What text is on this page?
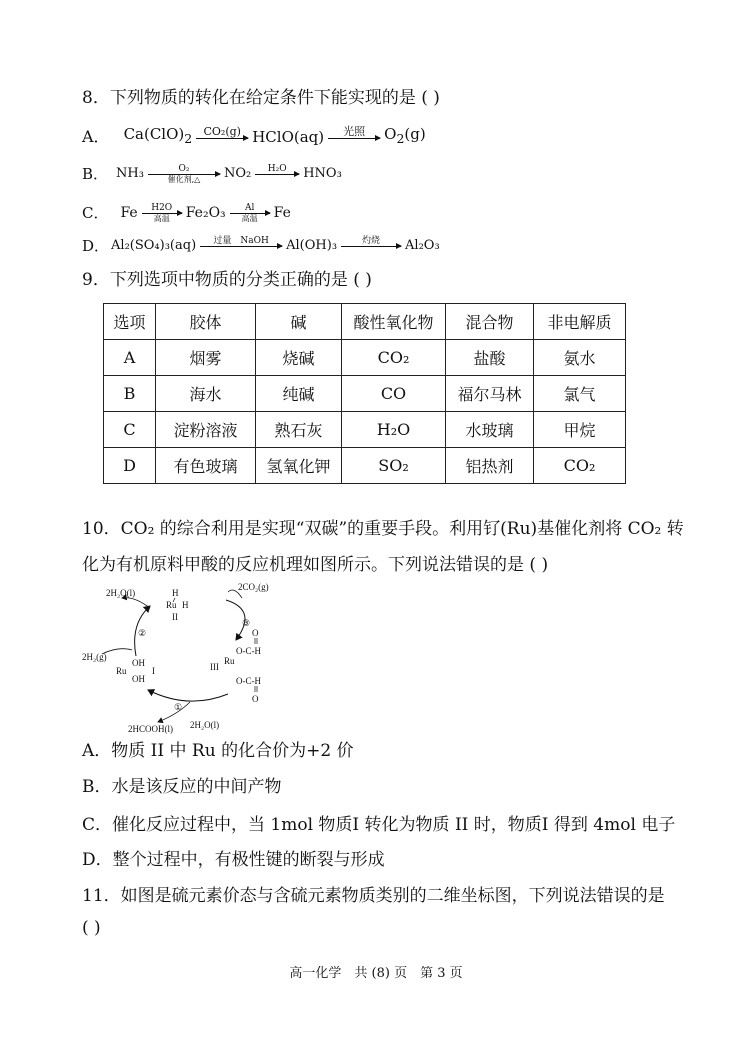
8．下列物质的转化在给定条件下能实现的是 ( )
A． $Ca(ClO)_2$ CO₂(g) HClO(aq) 光照 $O_2(g)$
B． NH₃	O₂
催化剂,△ NO₂ H₂O HNO₃
C． Fe H2O
高温 Fe₂O₃ Al
高温 Fe
D． Al₂(SO₄)₃(aq) 过量　NaOH Al(OH)₃	灼烧 Al₂O₃
9．下列选项中物质的分类正确的是 ( )
选项	胶体	碱	酸性氧化物	混合物	非电解质
A	烟雾	烧碱	CO₂	盐酸	氨水
B	海水	纯碱	CO	福尔马林	氯气
C	淀粉溶液	熟石灰	H₂O	水玻璃	甲烷
D	有色玻璃	氢氧化钾	SO₂	铝热剂	CO₂
10．CO₂ 的综合利用是实现“双碳”的重要手段。利用钌(Ru)基催化剂将 CO₂ 转
化为有机原料甲酸的反应机理如图所示。下列说法错误的是 ( )
2H₂O(l)
2CO₂(g)
2H₂(g)
2HCOOH(l) 2H₂O(l)
H
Ru H
II
Ru
OH
OH
I	III
Ru
O
O-C-H
O-C-H
O
③
②
①
A．物质 II 中 Ru 的化合价为+2 价
B．水是该反应的中间产物
C．催化反应过程中，当 1mol 物质I 转化为物质 II 时，物质I 得到 4mol 电子
D．整个过程中，有极性键的断裂与形成
11．如图是硫元素价态与含硫元素物质类别的二维坐标图，下列说法错误的是
( )
高一化学　共 (8) 页　第 3 页
